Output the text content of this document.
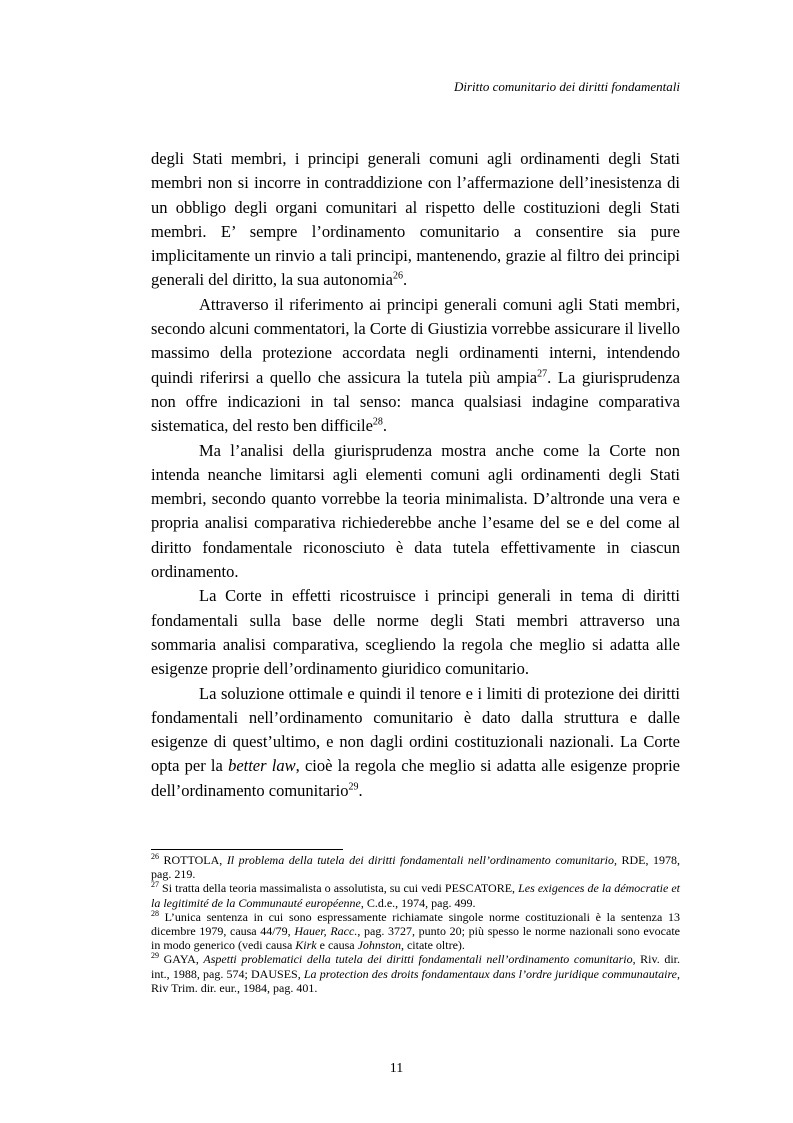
Diritto comunitario dei diritti fondamentali

degli Stati membri, i principi generali comuni agli ordinamenti degli Stati membri non si incorre in contraddizione con l’affermazione dell’inesistenza di un obbligo degli organi comunitari al rispetto delle costituzioni degli Stati membri. E’ sempre l’ordinamento comunitario a consentire sia pure implicitamente un rinvio a tali principi, mantenendo, grazie al filtro dei principi generali del diritto, la sua autonomia$^{26}$.

Attraverso il riferimento ai principi generali comuni agli Stati membri, secondo alcuni commentatori, la Corte di Giustizia vorrebbe assicurare il livello massimo della protezione accordata negli ordinamenti interni, intendendo quindi riferirsi a quello che assicura la tutela più ampia$^{27}$. La giurisprudenza non offre indicazioni in tal senso: manca qualsiasi indagine comparativa sistematica, del resto ben difficile$^{28}$.

Ma l’analisi della giurisprudenza mostra anche come la Corte non intenda neanche limitarsi agli elementi comuni agli ordinamenti degli Stati membri, secondo quanto vorrebbe la teoria minimalista. D’altronde una vera e propria analisi comparativa richiederebbe anche l’esame del se e del come al diritto fondamentale riconosciuto è data tutela effettivamente in ciascun ordinamento.

La Corte in effetti ricostruisce i principi generali in tema di diritti fondamentali sulla base delle norme degli Stati membri attraverso una sommaria analisi comparativa, scegliendo la regola che meglio si adatta alle esigenze proprie dell’ordinamento giuridico comunitario.

La soluzione ottimale e quindi il tenore e i limiti di protezione dei diritti fondamentali nell’ordinamento comunitario è dato dalla struttura e dalle esigenze di quest’ultimo, e non dagli ordini costituzionali nazionali. La Corte opta per la better law, cioè la regola che meglio si adatta alle esigenze proprie dell’ordinamento comunitario$^{29}$.

$^{26}$ ROTTOLA, Il problema della tutela dei diritti fondamentali nell’ordinamento comunitario, RDE, 1978, pag. 219.

$^{27}$ Si tratta della teoria massimalista o assolutista, su cui vedi PESCATORE, Les exigences de la démocratie et la legitimité de la Communauté européenne, C.d.e., 1974, pag. 499.

$^{28}$ L’unica sentenza in cui sono espressamente richiamate singole norme costituzionali è la sentenza 13 dicembre 1979, causa 44/79, Hauer, Racc., pag. 3727, punto 20; più spesso le norme nazionali sono evocate in modo generico (vedi causa Kirk e causa Johnston, citate oltre).

$^{29}$ GAYA, Aspetti problematici della tutela dei diritti fondamentali nell’ordinamento comunitario, Riv. dir. int., 1988, pag. 574; DAUSES, La protection des droits fondamentaux dans l’ordre juridique communautaire, Riv Trim. dir. eur., 1984, pag. 401.

11
